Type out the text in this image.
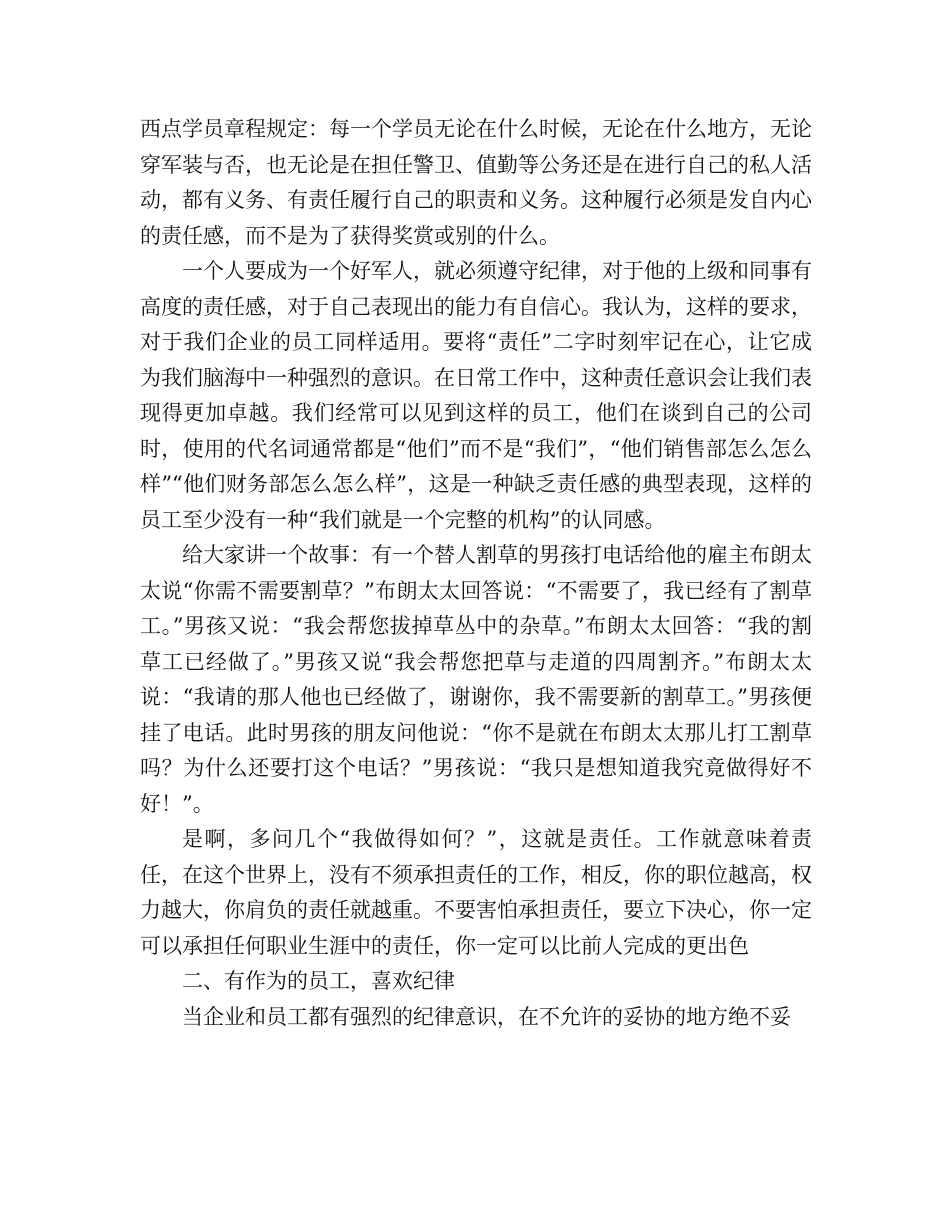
西点学员章程规定：每一个学员无论在什么时候，无论在什么地方，无论穿军装与否，也无论是在担任警卫、值勤等公务还是在进行自己的私人活动，都有义务、有责任履行自己的职责和义务。这种履行必须是发自内心的责任感，而不是为了获得奖赏或别的什么。

一个人要成为一个好军人，就必须遵守纪律，对于他的上级和同事有高度的责任感，对于自己表现出的能力有自信心。我认为，这样的要求，对于我们企业的员工同样适用。要将“责任”二字时刻牢记在心，让它成为我们脑海中一种强烈的意识。在日常工作中，这种责任意识会让我们表现得更加卓越。我们经常可以见到这样的员工，他们在谈到自己的公司时，使用的代名词通常都是“他们”而不是“我们”，“他们销售部怎么怎么样”“他们财务部怎么怎么样”，这是一种缺乏责任感的典型表现，这样的员工至少没有一种“我们就是一个完整的机构”的认同感。

给大家讲一个故事：有一个替人割草的男孩打电话给他的雇主布朗太太说“你需不需要割草？”布朗太太回答说：“不需要了，我已经有了割草工。”男孩又说：“我会帮您拔掉草丛中的杂草。”布朗太太回答：“我的割草工已经做了。”男孩又说“我会帮您把草与走道的四周割齐。”布朗太太说：“我请的那人他也已经做了，谢谢你，我不需要新的割草工。”男孩便挂了电话。此时男孩的朋友问他说：“你不是就在布朗太太那儿打工割草吗？为什么还要打这个电话？”男孩说：“我只是想知道我究竟做得好不好！”。

是啊，多问几个“我做得如何？”，这就是责任。工作就意味着责任，在这个世界上，没有不须承担责任的工作，相反，你的职位越高，权力越大，你肩负的责任就越重。不要害怕承担责任，要立下决心，你一定可以承担任何职业生涯中的责任，你一定可以比前人完成的更出色

二、有作为的员工，喜欢纪律

当企业和员工都有强烈的纪律意识，在不允许的妥协的地方绝不妥
